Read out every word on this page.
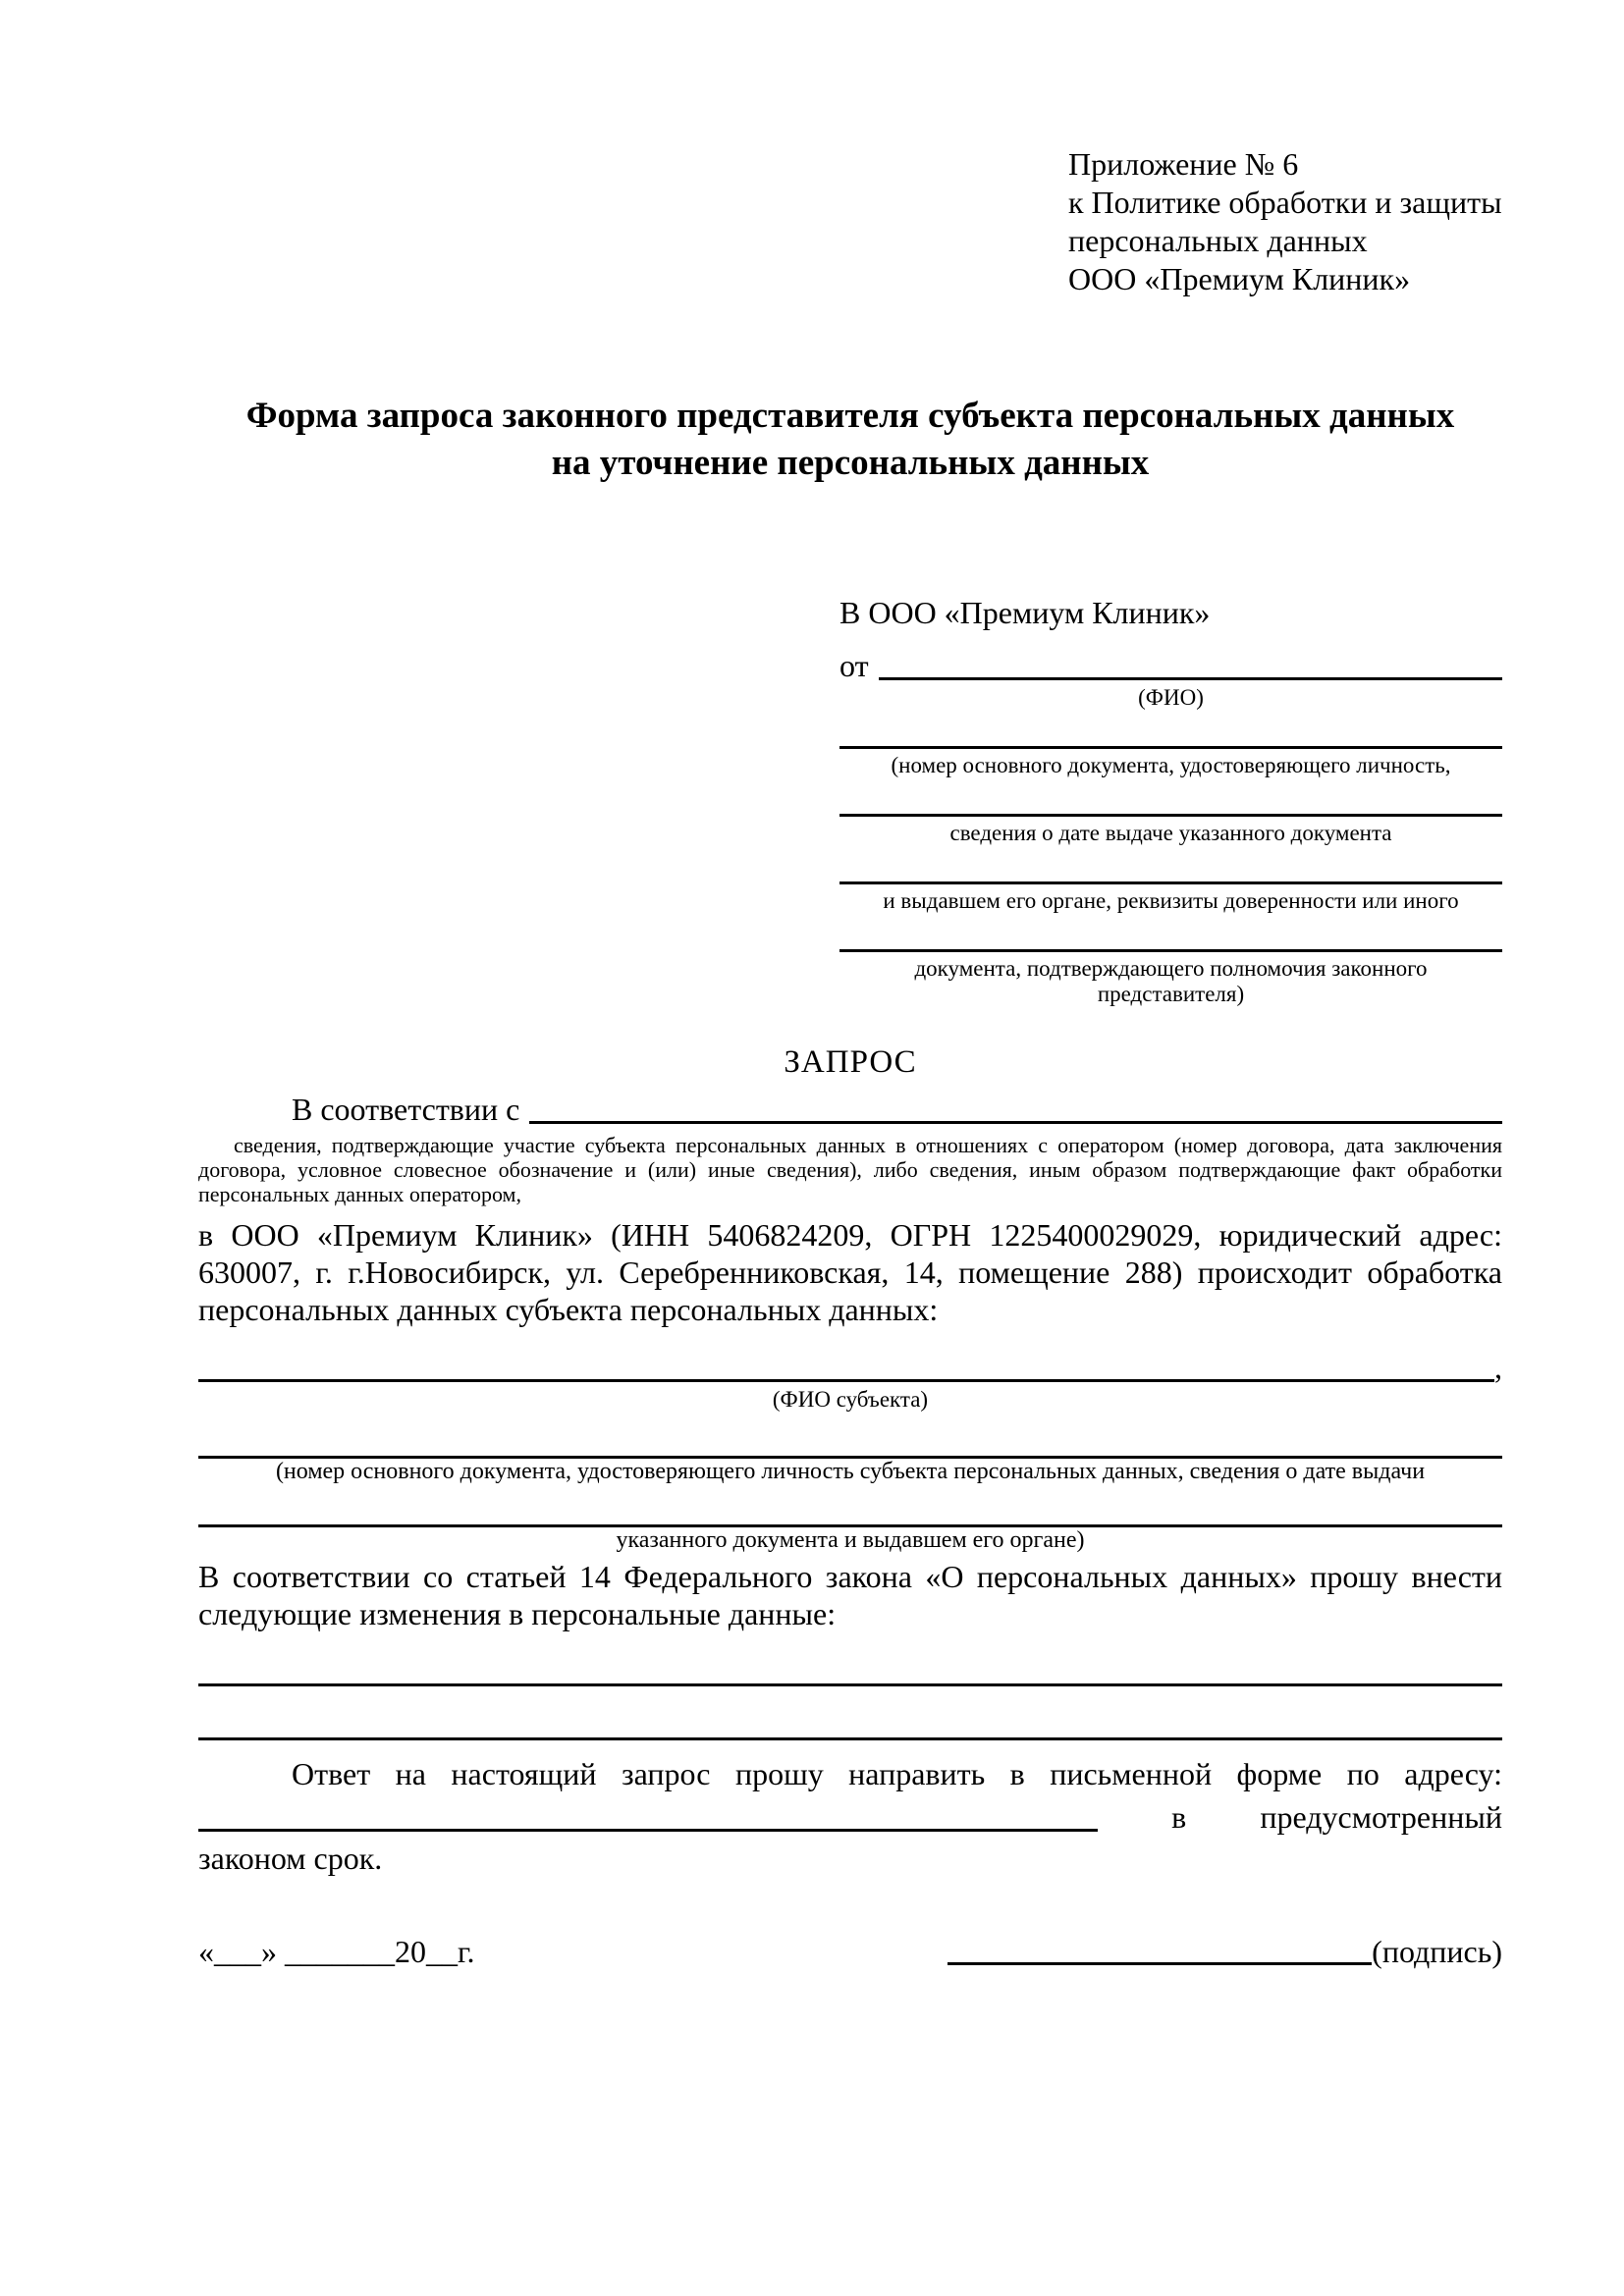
Приложение № 6
к Политике обработки и защиты
персональных данных
ООО «Премиум Клиник»
Форма запроса законного представителя субъекта персональных данных
на уточнение персональных данных
В ООО «Премиум Клиник»
от
(ФИО)
(номер основного документа, удостоверяющего личность,
сведения о дате выдаче указанного документа
и выдавшем его органе, реквизиты доверенности или иного
документа, подтверждающего полномочия законного представителя)
ЗАПРОС
В соответствии с
сведения, подтверждающие участие субъекта персональных данных в отношениях с оператором (номер договора, дата заключения договора, условное словесное обозначение и (или) иные сведения), либо сведения, иным образом подтверждающие факт обработки персональных данных оператором,
в ООО «Премиум Клиник» (ИНН 5406824209, ОГРН 1225400029029, юридический адрес: 630007, г. г.Новосибирск, ул. Серебренниковская, 14, помещение 288) происходит обработка персональных данных субъекта персональных данных:
,
(ФИО субъекта)
(номер основного документа, удостоверяющего личность субъекта персональных данных, сведения о дате выдачи
указанного документа и выдавшем его органе)
В соответствии со статьей 14 Федерального закона «О персональных данных» прошу внести следующие изменения в персональные данные:
Ответ на настоящий запрос прошу направить в письменной форме по адресу:
в предусмотренный
законом срок.
«___» _______20__г.	(подпись)
